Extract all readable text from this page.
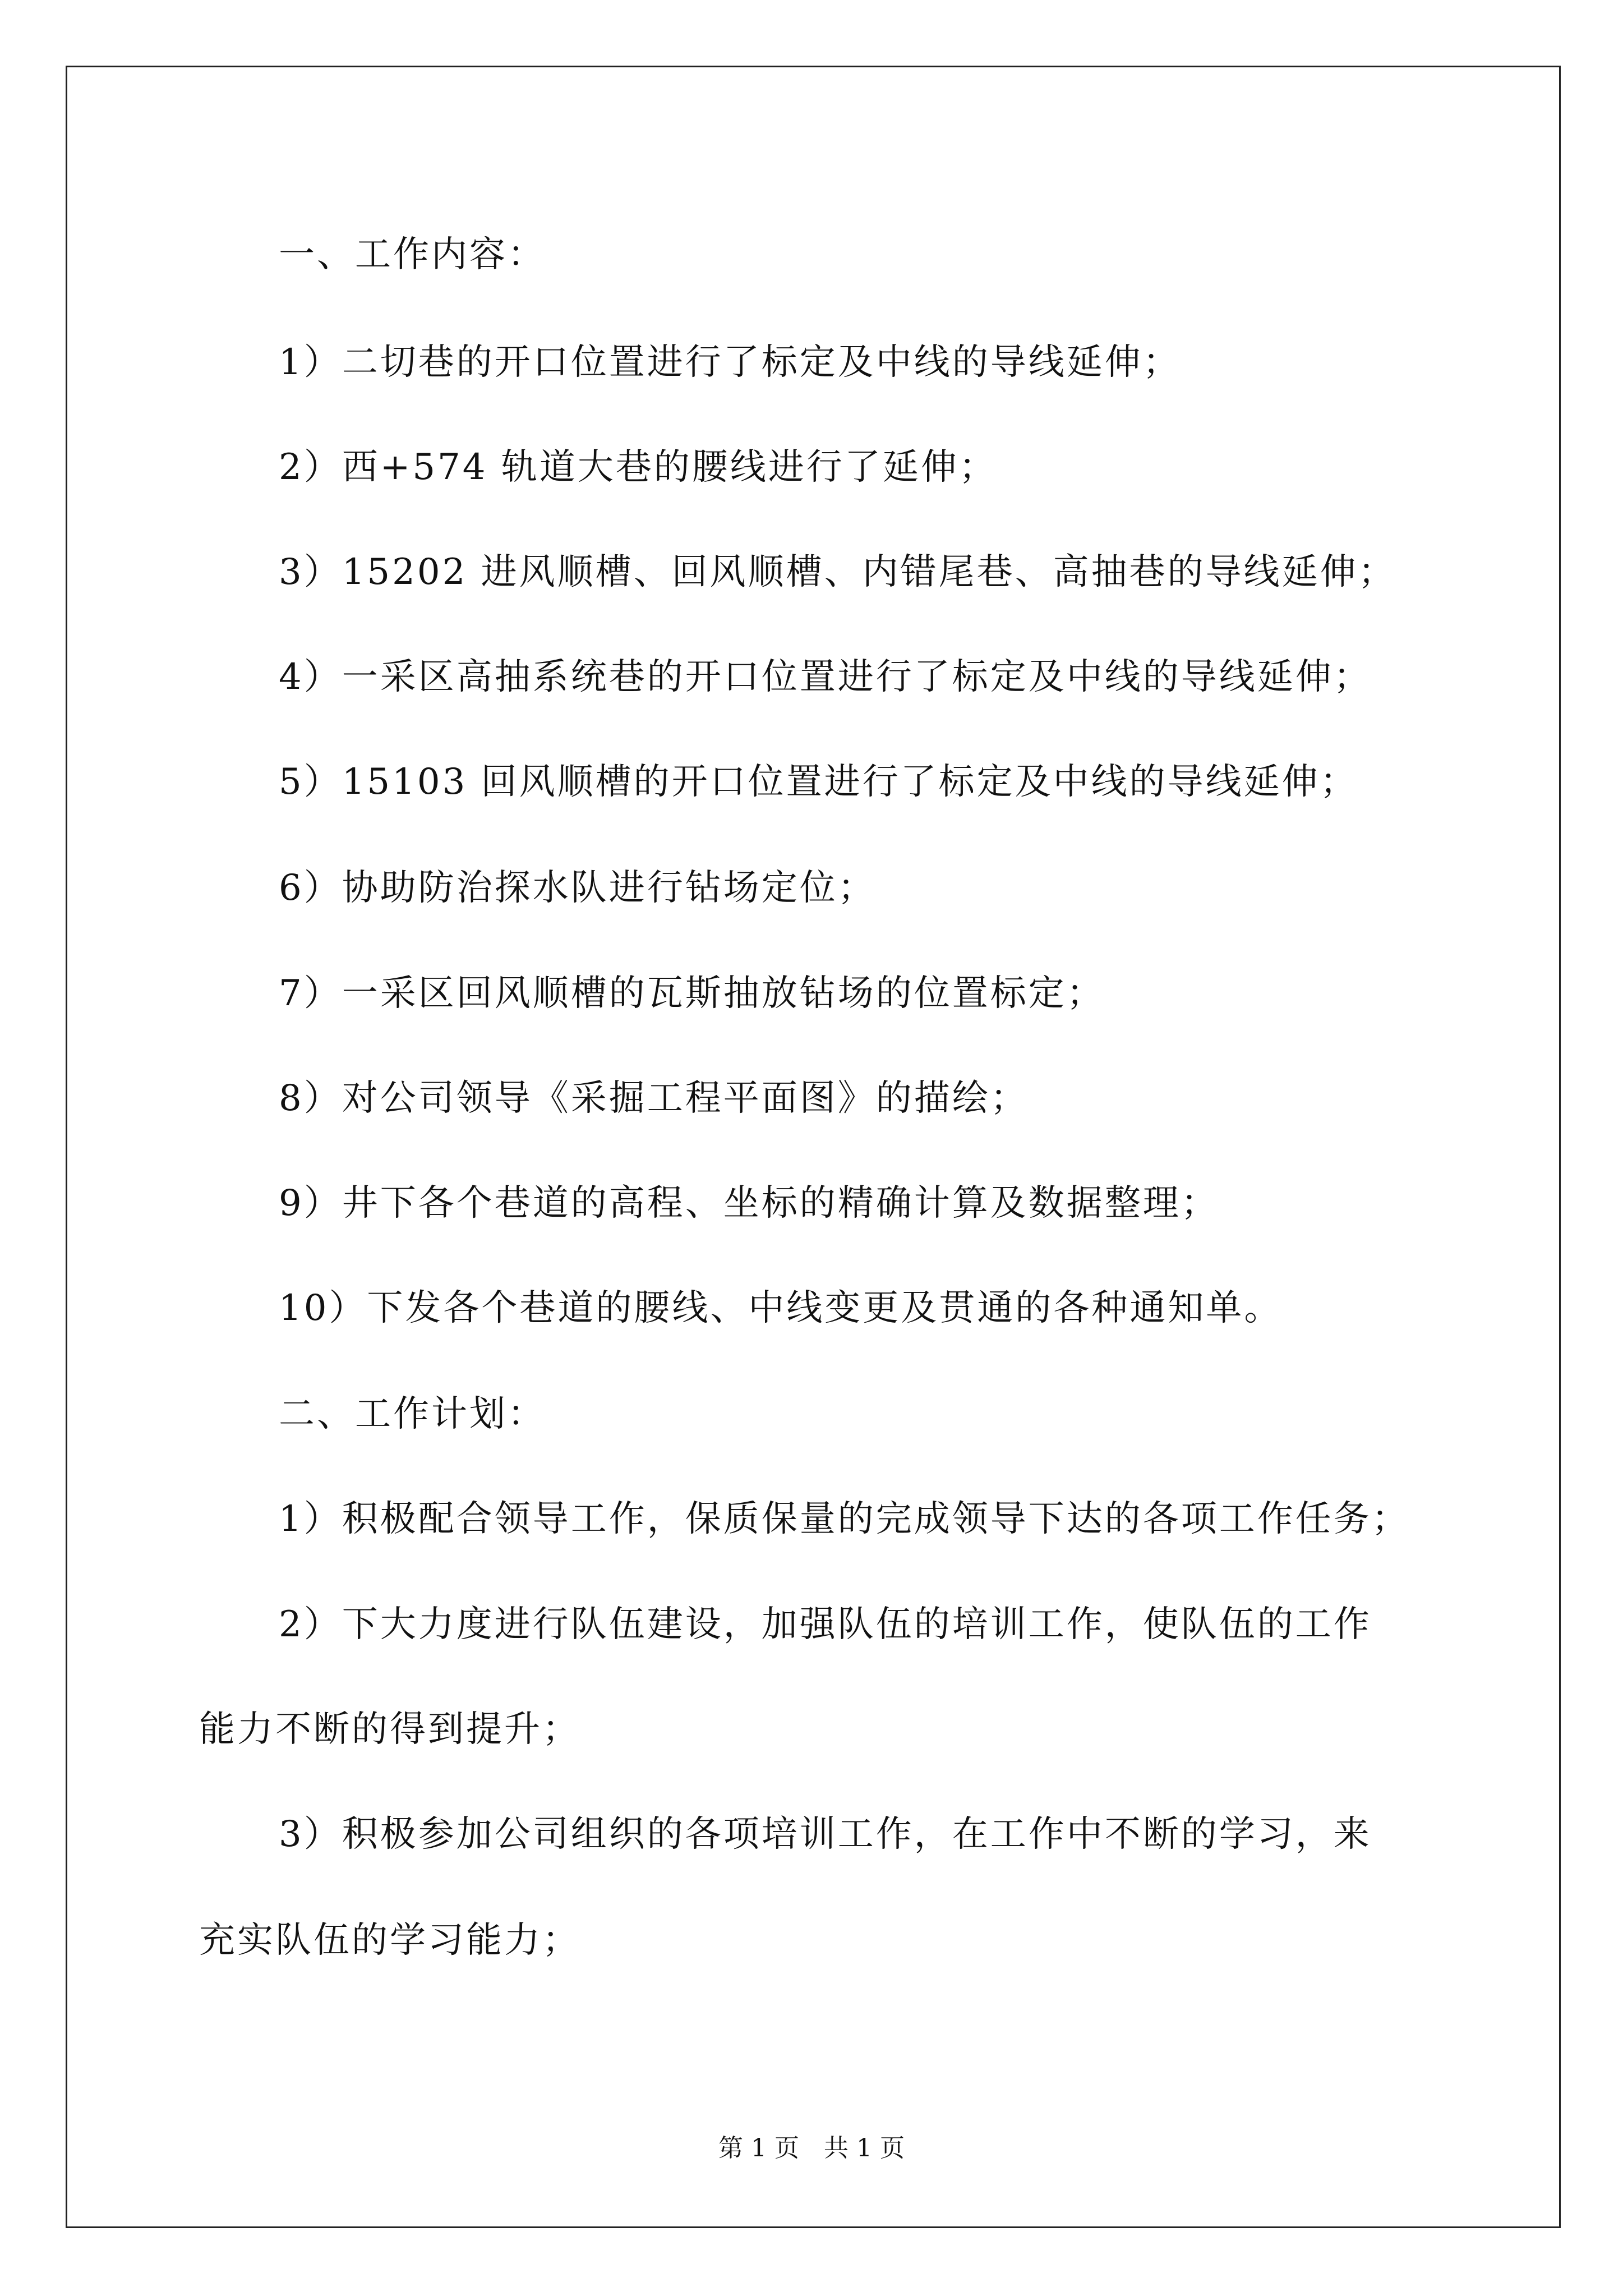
一、工作内容：
1）二切巷的开口位置进行了标定及中线的导线延伸；
2）西+574 轨道大巷的腰线进行了延伸；
3）15202 进风顺槽、回风顺槽、内错尾巷、高抽巷的导线延伸；
4）一采区高抽系统巷的开口位置进行了标定及中线的导线延伸；
5）15103 回风顺槽的开口位置进行了标定及中线的导线延伸；
6）协助防治探水队进行钻场定位；
7）一采区回风顺槽的瓦斯抽放钻场的位置标定；
8）对公司领导《采掘工程平面图》的描绘；
9）井下各个巷道的高程、坐标的精确计算及数据整理；
10）下发各个巷道的腰线、中线变更及贯通的各种通知单。
二、工作计划：
1）积极配合领导工作，保质保量的完成领导下达的各项工作任务；
2）下大力度进行队伍建设，加强队伍的培训工作，使队伍的工作
能力不断的得到提升；
3）积极参加公司组织的各项培训工作，在工作中不断的学习，来
充实队伍的学习能力；
第 1 页　共 1 页
